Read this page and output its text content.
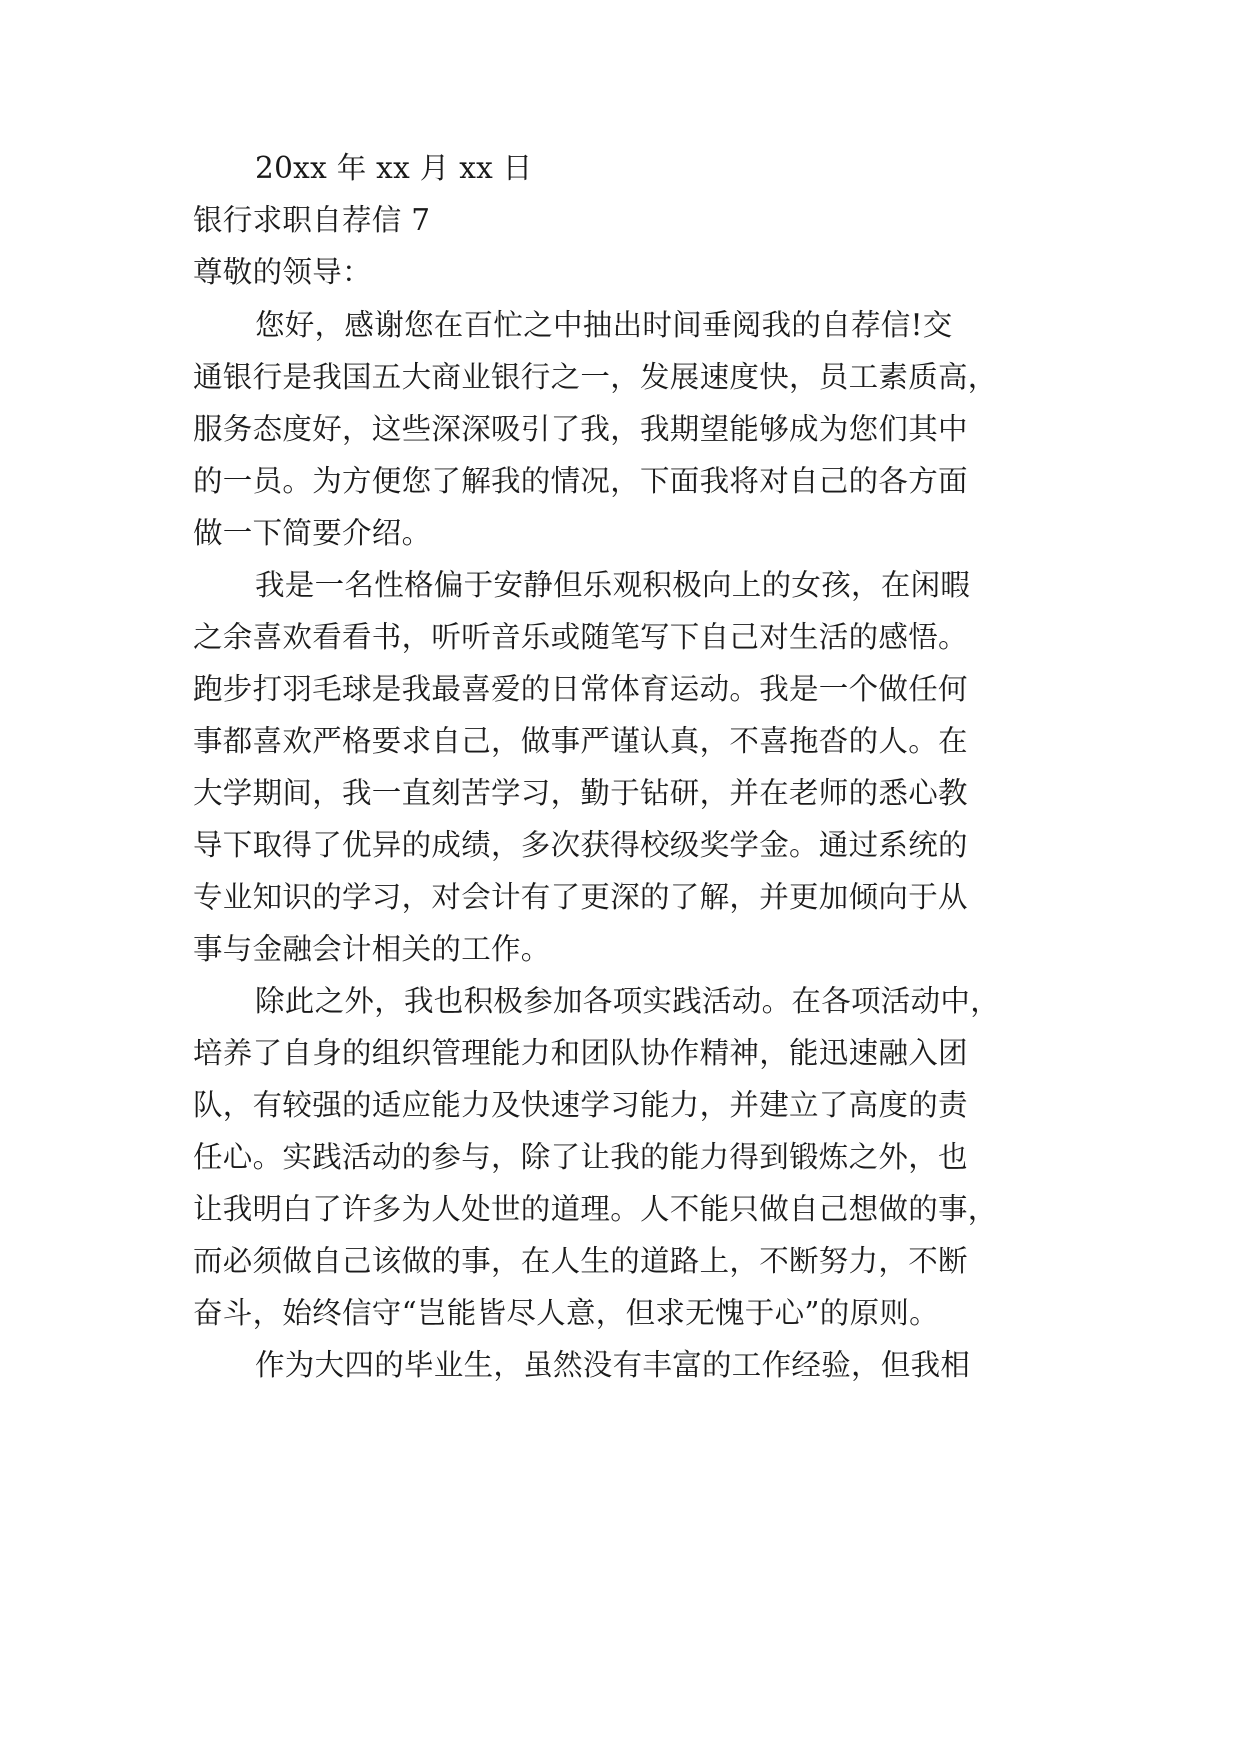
20xx 年 xx 月 xx 日
银行求职自荐信 7
尊敬的领导：
您好，感谢您在百忙之中抽出时间垂阅我的自荐信!交
通银行是我国五大商业银行之一，发展速度快，员工素质高，
服务态度好，这些深深吸引了我，我期望能够成为您们其中
的一员。为方便您了解我的情况，下面我将对自己的各方面
做一下简要介绍。
我是一名性格偏于安静但乐观积极向上的女孩，在闲暇
之余喜欢看看书，听听音乐或随笔写下自己对生活的感悟。
跑步打羽毛球是我最喜爱的日常体育运动。我是一个做任何
事都喜欢严格要求自己，做事严谨认真，不喜拖沓的人。在
大学期间，我一直刻苦学习，勤于钻研，并在老师的悉心教
导下取得了优异的成绩，多次获得校级奖学金。通过系统的
专业知识的学习，对会计有了更深的了解，并更加倾向于从
事与金融会计相关的工作。
除此之外，我也积极参加各项实践活动。在各项活动中，
培养了自身的组织管理能力和团队协作精神，能迅速融入团
队，有较强的适应能力及快速学习能力，并建立了高度的责
任心。实践活动的参与，除了让我的能力得到锻炼之外，也
让我明白了许多为人处世的道理。人不能只做自己想做的事，
而必须做自己该做的事，在人生的道路上，不断努力，不断
奋斗，始终信守“岂能皆尽人意，但求无愧于心”的原则。
作为大四的毕业生，虽然没有丰富的工作经验，但我相
